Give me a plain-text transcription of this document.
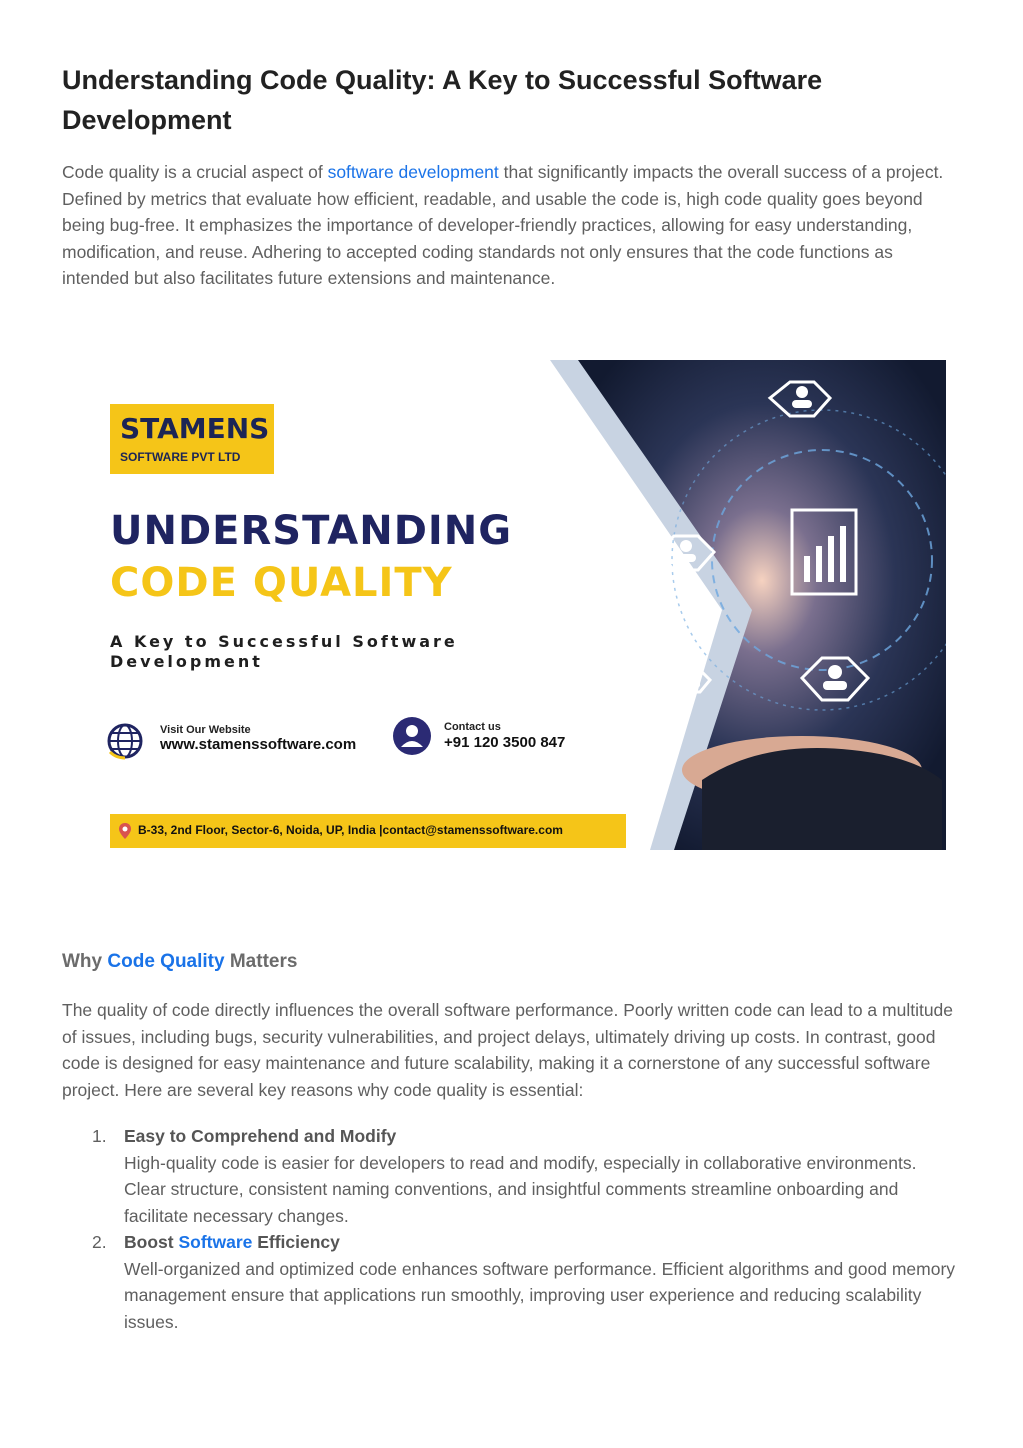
Understanding Code Quality: A Key to Successful Software Development

Code quality is a crucial aspect of software development that significantly impacts the overall success of a project. Defined by metrics that evaluate how efficient, readable, and usable the code is, high code quality goes beyond being bug-free. It emphasizes the importance of developer-friendly practices, allowing for easy understanding, modification, and reuse. Adhering to accepted coding standards not only ensures that the code functions as intended but also facilitates future extensions and maintenance.

STAMENS
SOFTWARE PVT LTD
UNDERSTANDING
CODE QUALITY
A Key to Successful Software Development
Visit Our Website
www.stamenssoftware.com
Contact us
+91 120 3500 847
B-33, 2nd Floor, Sector-6, Noida, UP, India |contact@stamenssoftware.com
Why Code Quality Matters

The quality of code directly influences the overall software performance. Poorly written code can lead to a multitude of issues, including bugs, security vulnerabilities, and project delays, ultimately driving up costs. In contrast, good code is designed for easy maintenance and future scalability, making it a cornerstone of any successful software project. Here are several key reasons why code quality is essential:

1. Easy to Comprehend and Modify
High-quality code is easier for developers to read and modify, especially in collaborative environments. Clear structure, consistent naming conventions, and insightful comments streamline onboarding and facilitate necessary changes.
2. Boost Software Efficiency
Well-organized and optimized code enhances software performance. Efficient algorithms and good memory management ensure that applications run smoothly, improving user experience and reducing scalability issues.
